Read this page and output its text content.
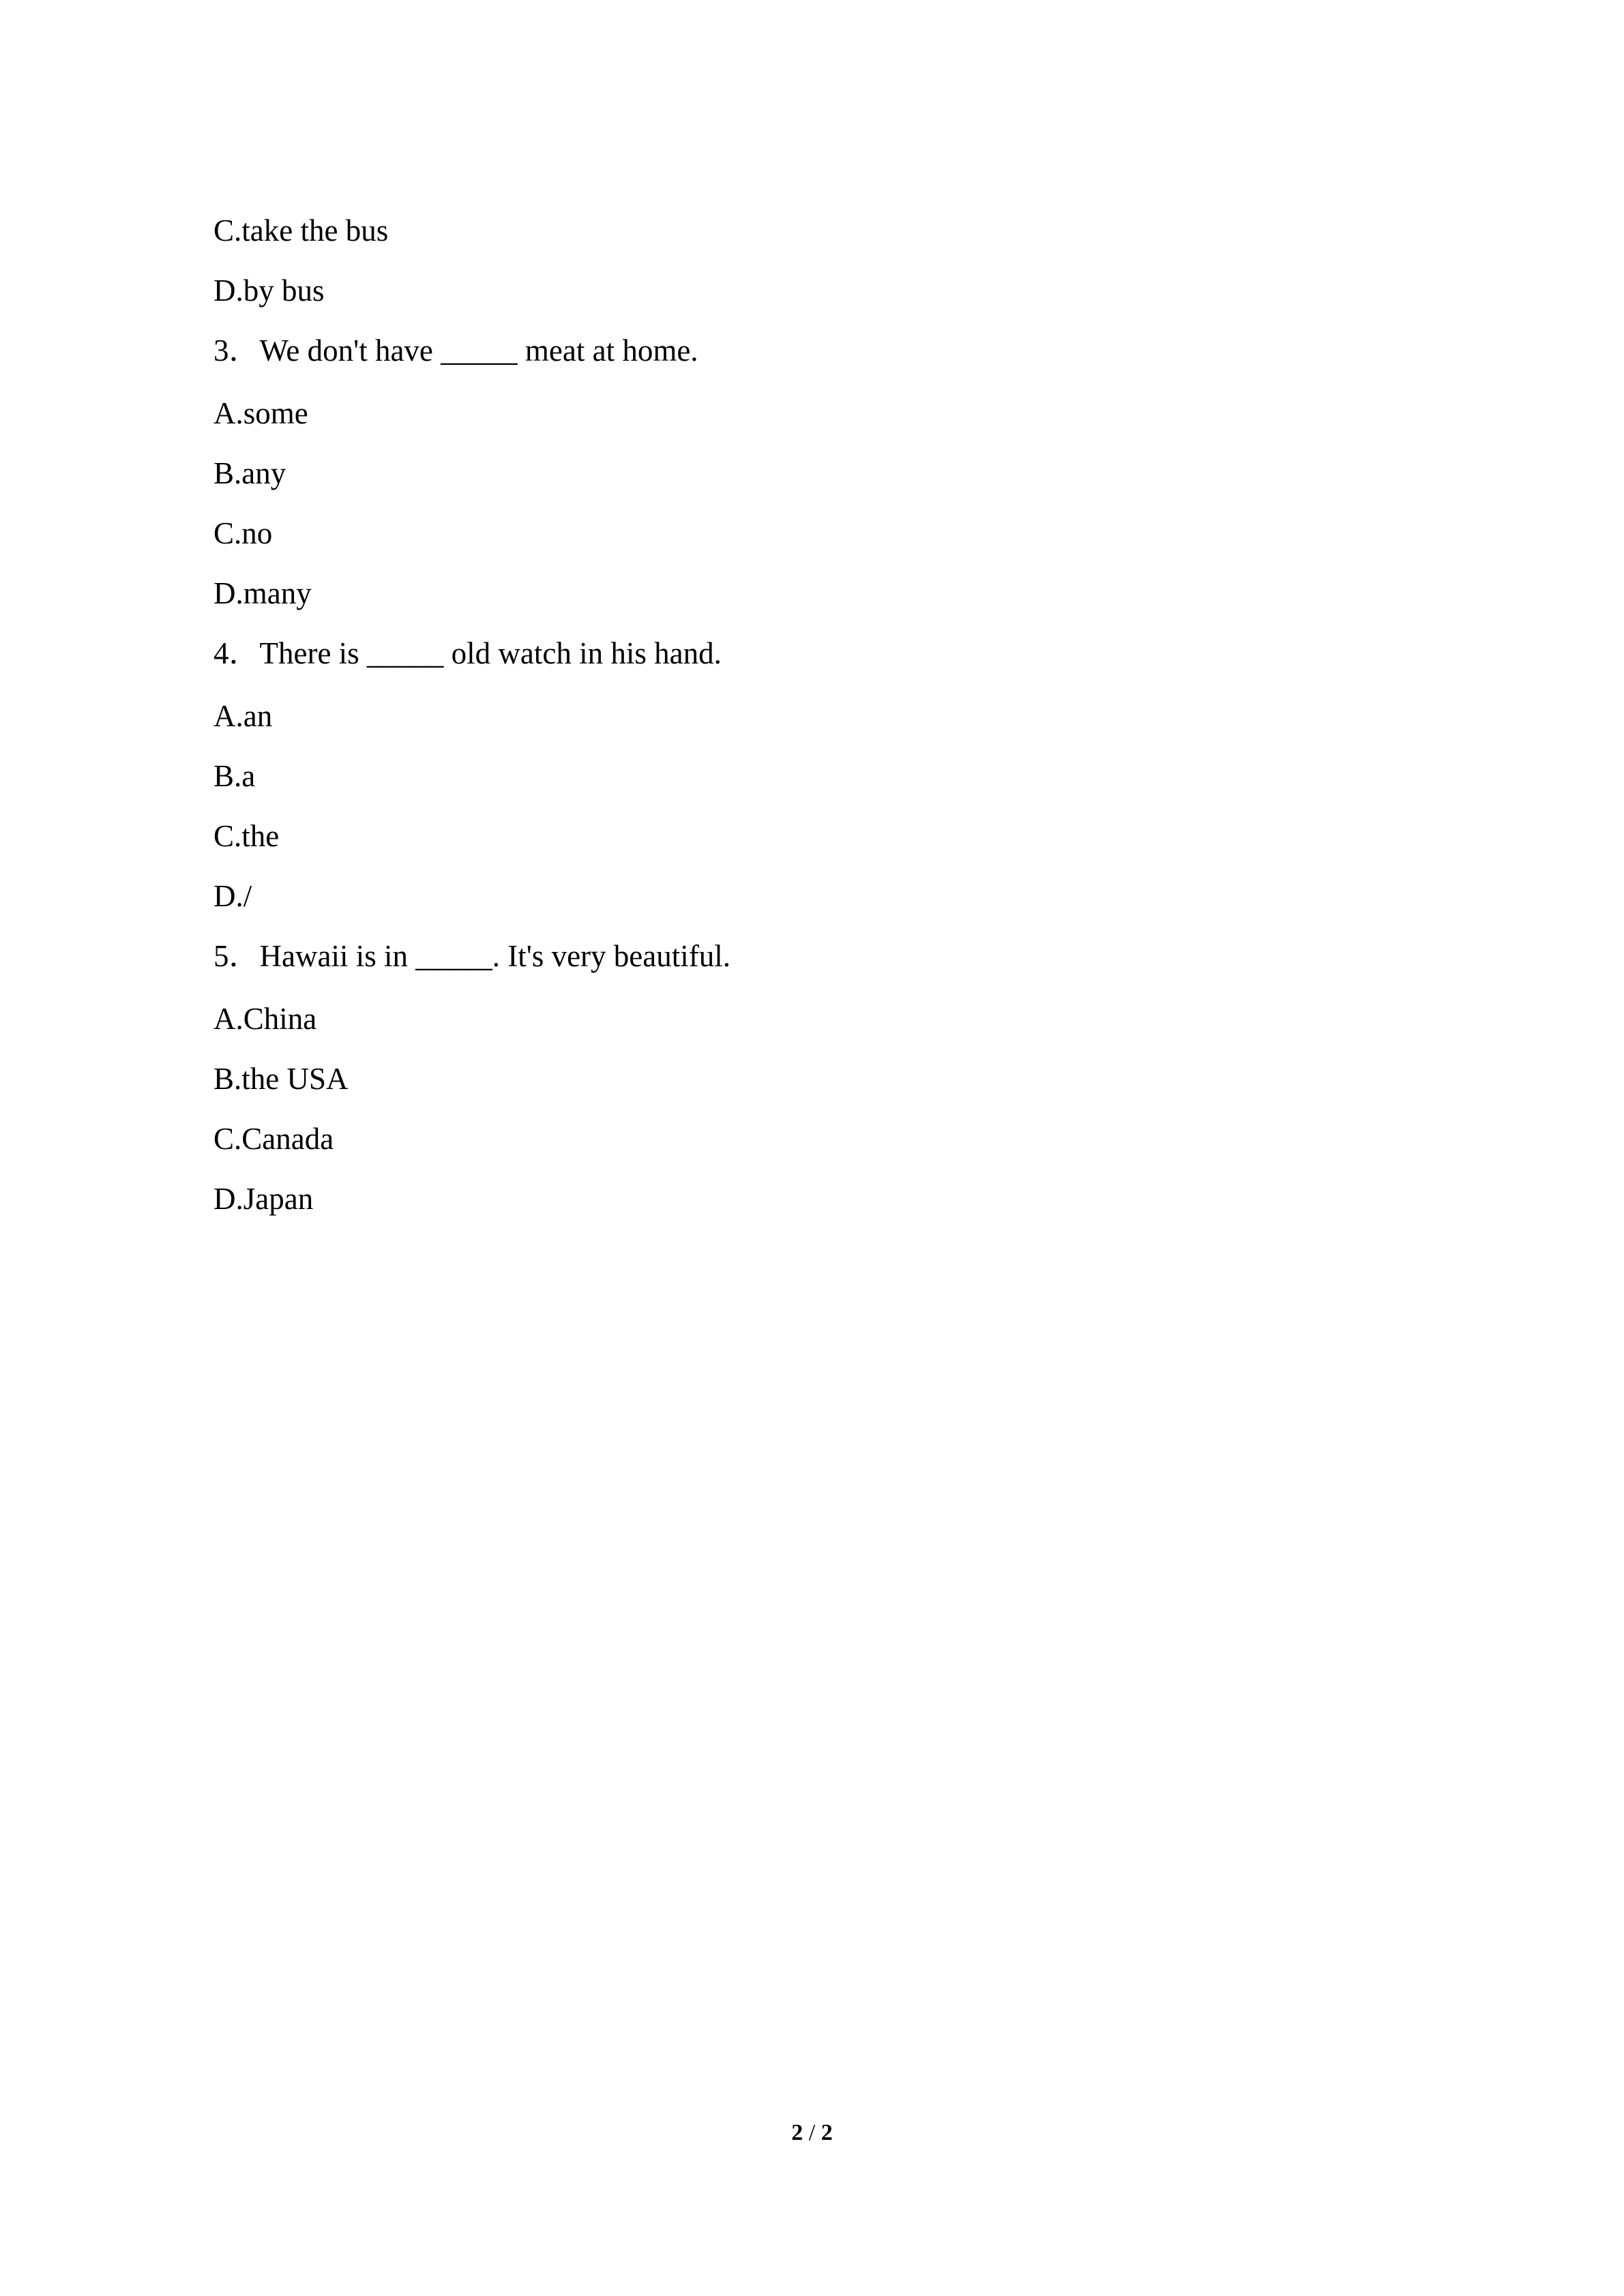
C.take the bus
D.by bus
3．We don't have _____ meat at home.
A.some
B.any
C.no
D.many
4．There is _____ old watch in his hand.
A.an
B.a
C.the
D./
5．Hawaii is in _____. It's very beautiful.
A.China
B.the USA
C.Canada
D.Japan
2 / 2
